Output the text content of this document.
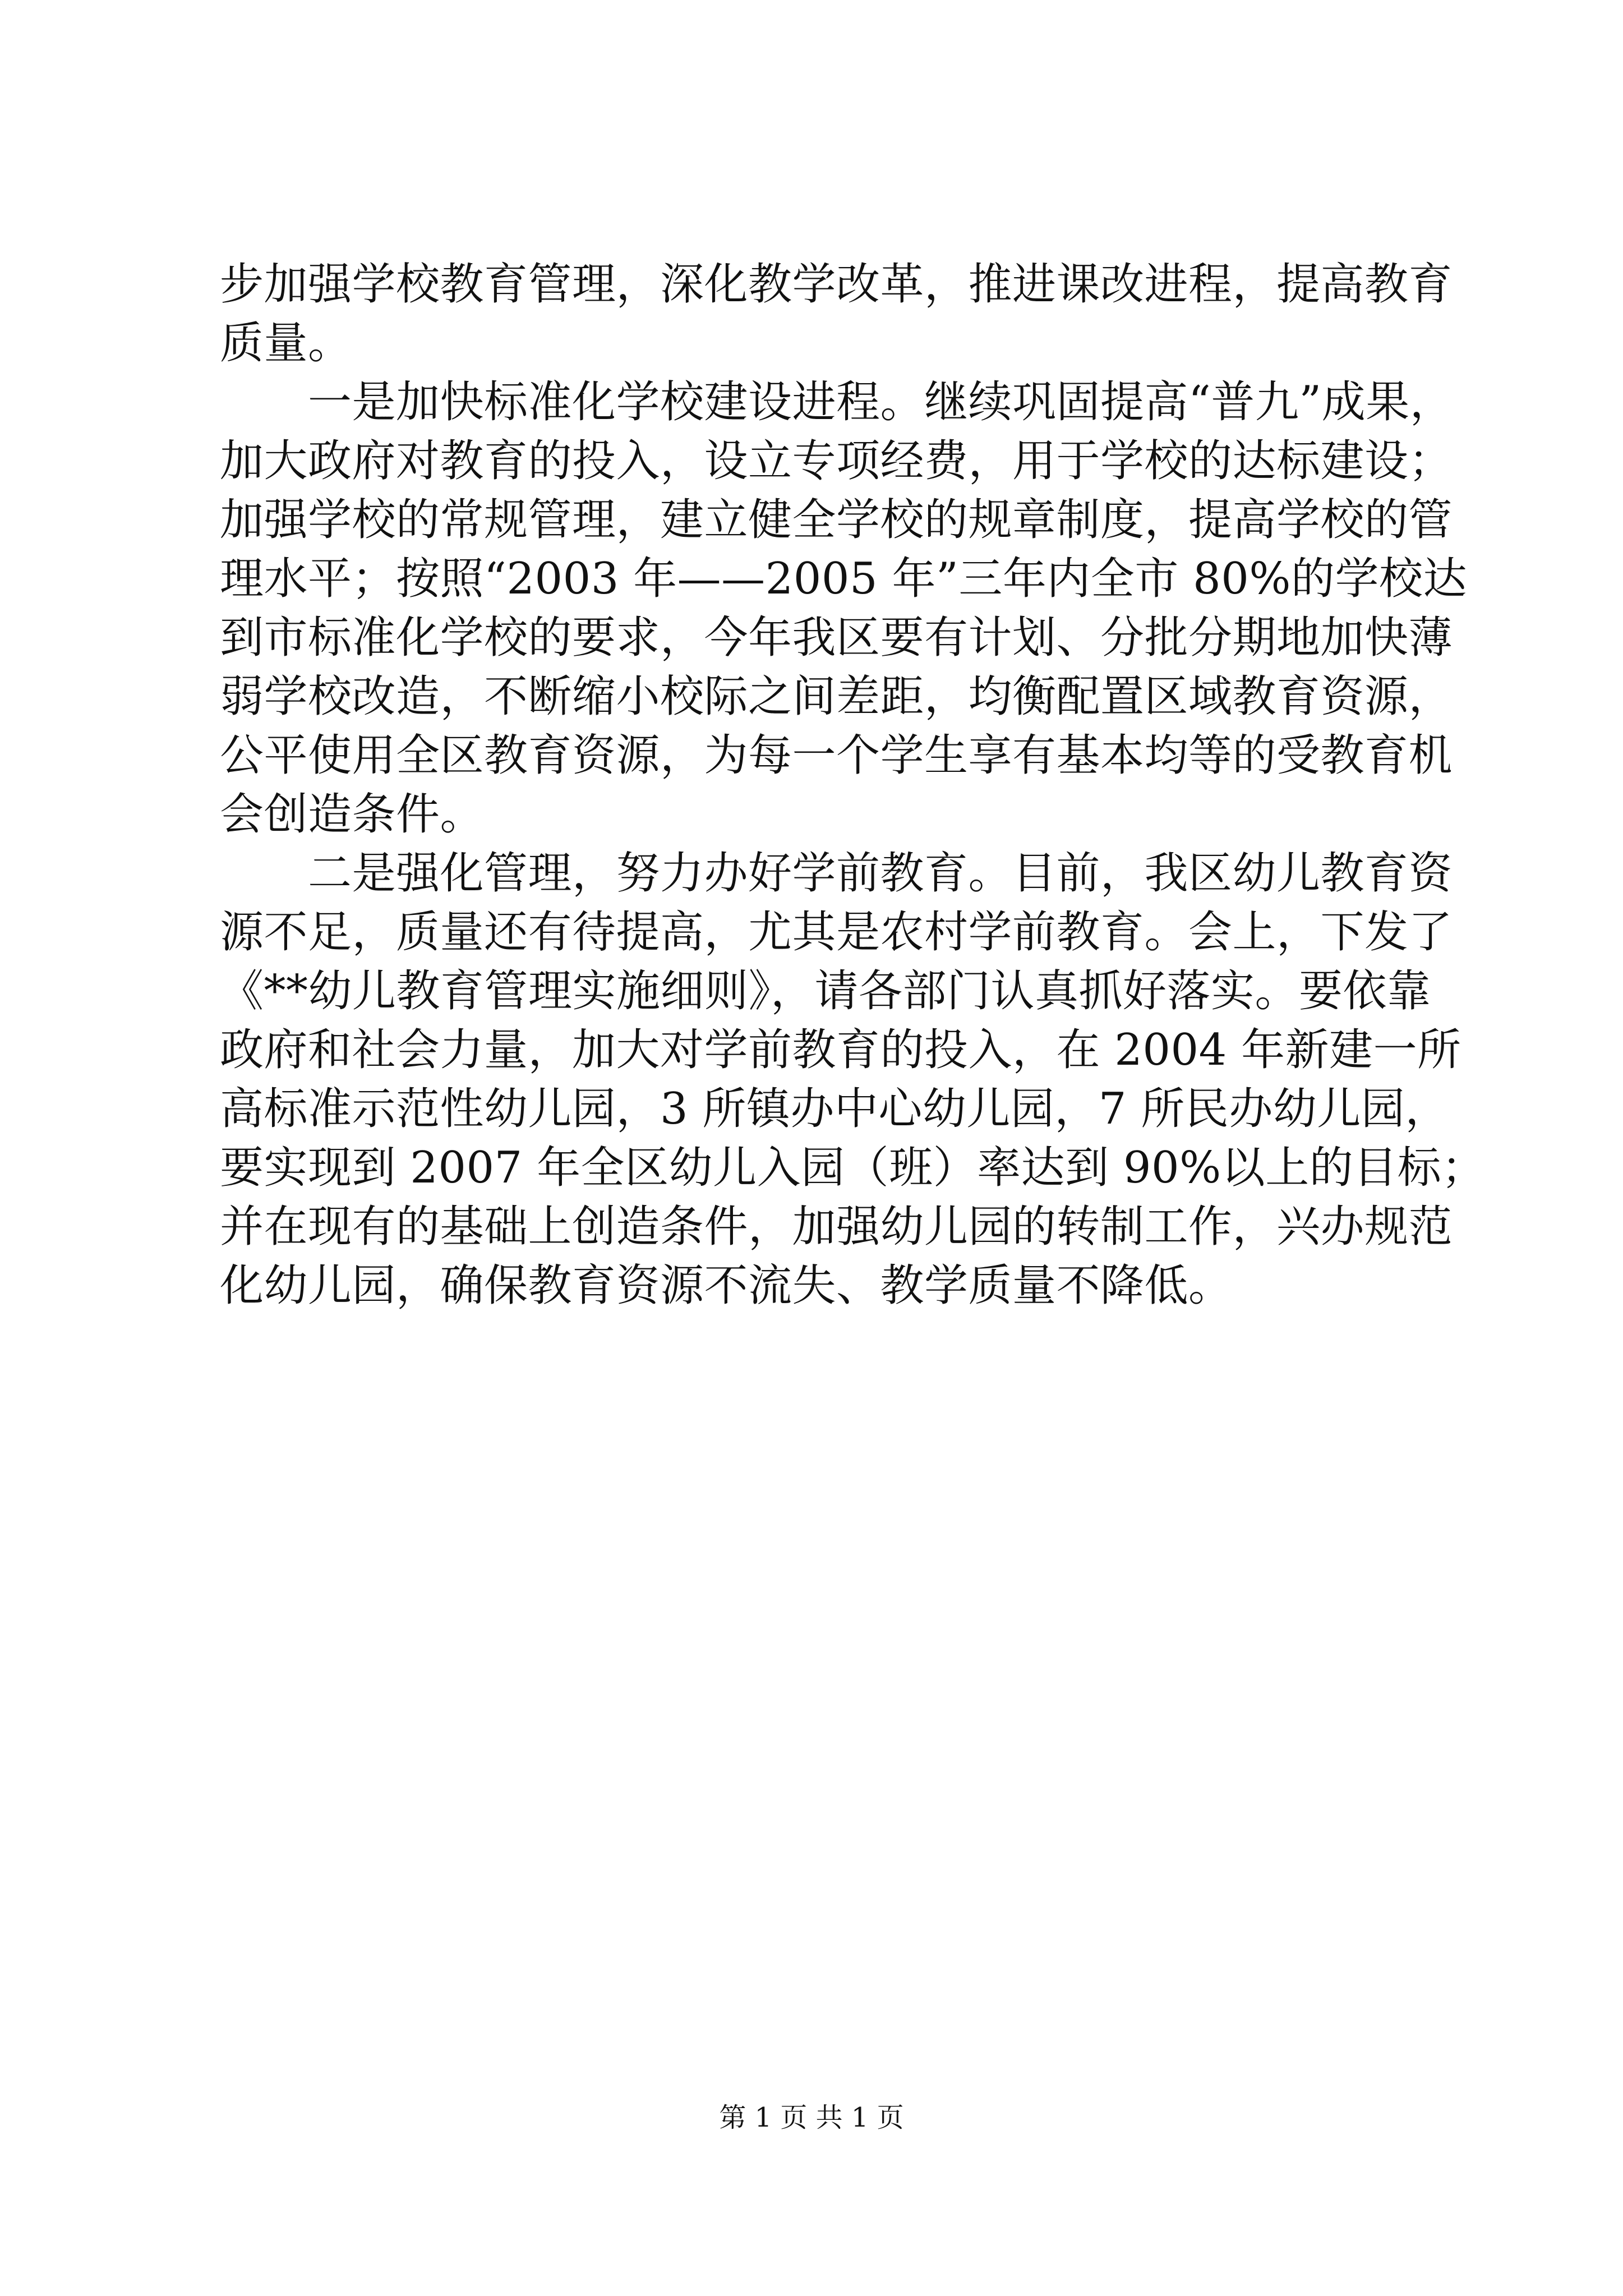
步加强学校教育管理，深化教学改革，推进课改进程，提高教育
质量。
　　一是加快标准化学校建设进程。继续巩固提高“普九”成果，
加大政府对教育的投入，设立专项经费，用于学校的达标建设；
加强学校的常规管理，建立健全学校的规章制度，提高学校的管
理水平；按照“2003 年——2005 年”三年内全市 80%的学校达
到市标准化学校的要求，今年我区要有计划、分批分期地加快薄
弱学校改造，不断缩小校际之间差距，均衡配置区域教育资源，
公平使用全区教育资源，为每一个学生享有基本均等的受教育机
会创造条件。
　　二是强化管理，努力办好学前教育。目前，我区幼儿教育资
源不足，质量还有待提高，尤其是农村学前教育。会上，下发了
《**幼儿教育管理实施细则》，请各部门认真抓好落实。要依靠
政府和社会力量，加大对学前教育的投入，在 2004 年新建一所
高标准示范性幼儿园，3 所镇办中心幼儿园，7 所民办幼儿园，
要实现到 2007 年全区幼儿入园（班）率达到 90%以上的目标；
并在现有的基础上创造条件，加强幼儿园的转制工作，兴办规范
化幼儿园，确保教育资源不流失、教学质量不降低。
第 1 页 共 1 页
